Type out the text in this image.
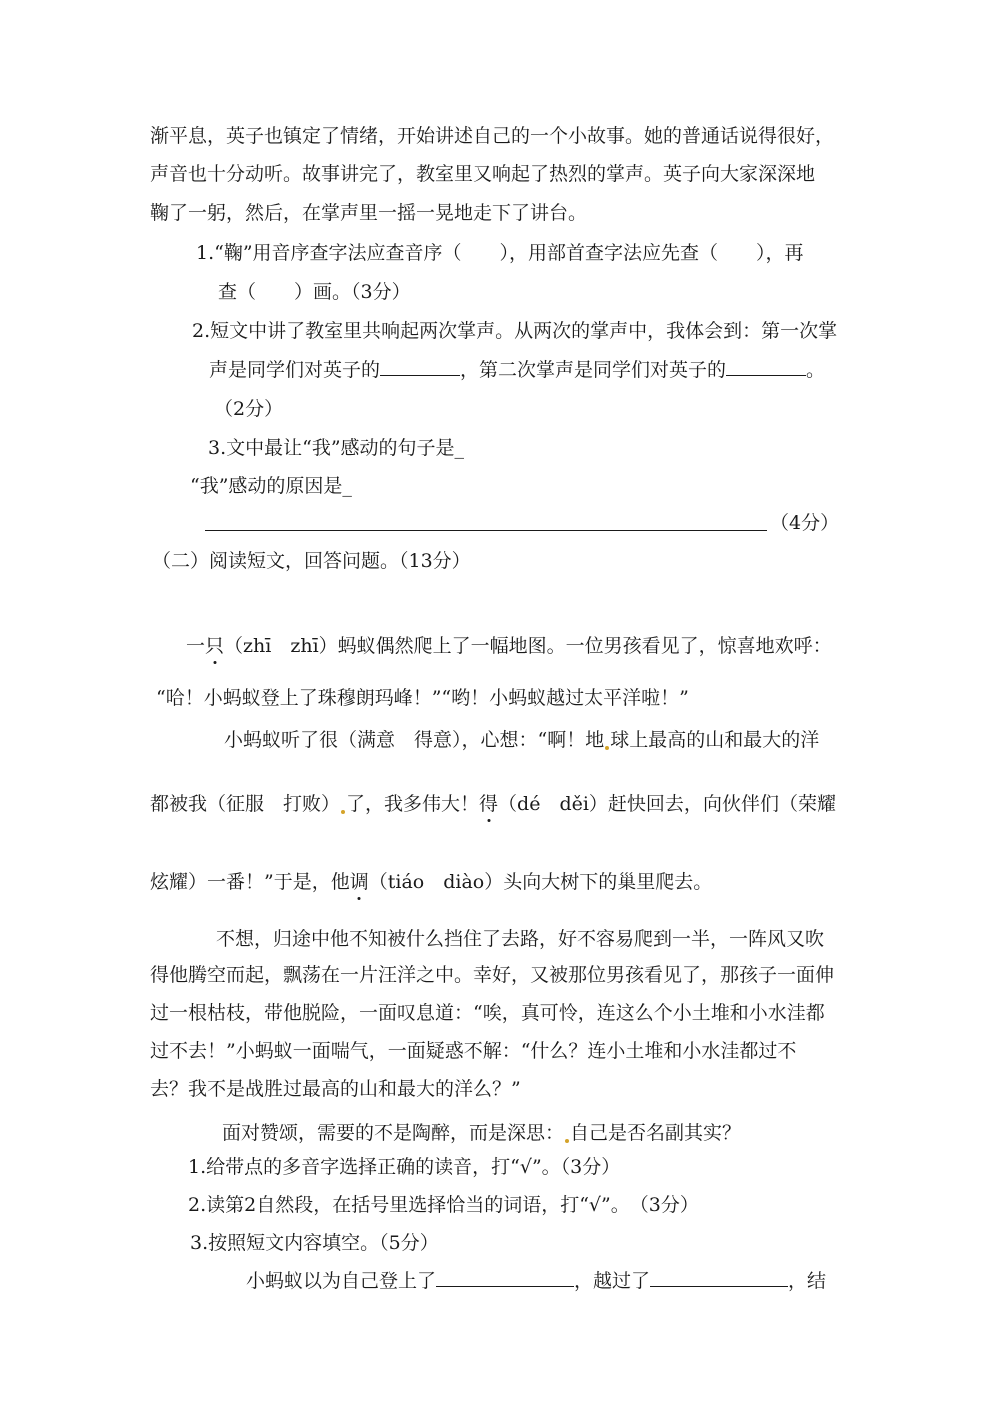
渐平息，英子也镇定了情绪，开始讲述自己的一个小故事。她的普通话说得很好，
声音也十分动听。故事讲完了，教室里又响起了热烈的掌声。英子向大家深深地
鞠了一躬，然后，在掌声里一摇一晃地走下了讲台。
1.“鞠”用音序查字法应查音序（　　），用部首查字法应先查（　　），再
查（　　）画。（3分）
2.短文中讲了教室里共响起两次掌声。从两次的掌声中，我体会到：第一次掌
声是同学们对英子的	，第二次掌声是同学们对英子的	。
（2分）
3.文中最让“我”感动的句子是_
“我”感动的原因是_
（4分）
（二）阅读短文，回答问题。（13分）
一只（zhī　zhī）蚂蚁偶然爬上了一幅地图。一位男孩看见了，惊喜地欢呼：
“哈！小蚂蚁登上了珠穆朗玛峰！”“哟！小蚂蚁越过太平洋啦！”
小蚂蚁听了很（满意　得意），心想：“啊！地 球上最高的山和最大的洋
都被我（征服　打败） 了，我多伟大！得（dé　děi）赶快回去，向伙伴们（荣耀
炫耀）一番！”于是，他调（tiáo　diào）头向大树下的巢里爬去。
不想，归途中他不知被什么挡住了去路，好不容易爬到一半，一阵风又吹
得他腾空而起，飘荡在一片汪洋之中。幸好，又被那位男孩看见了，那孩子一面伸
过一根枯枝，带他脱险，一面叹息道：“唉，真可怜，连这么个小土堆和小水洼都
过不去！”小蚂蚁一面喘气，一面疑惑不解：“什么？连小土堆和小水洼都过不
去？我不是战胜过最高的山和最大的洋么？”
面对赞颂，需要的不是陶醉，而是深思： 自己是否名副其实？
1.给带点的多音字选择正确的读音，打“√”。（3分）
2.读第2自然段，在括号里选择恰当的词语，打“√”。　（3分）
3.按照短文内容填空。（5分）
小蚂蚁以为自己登上了	，越过了	，结
